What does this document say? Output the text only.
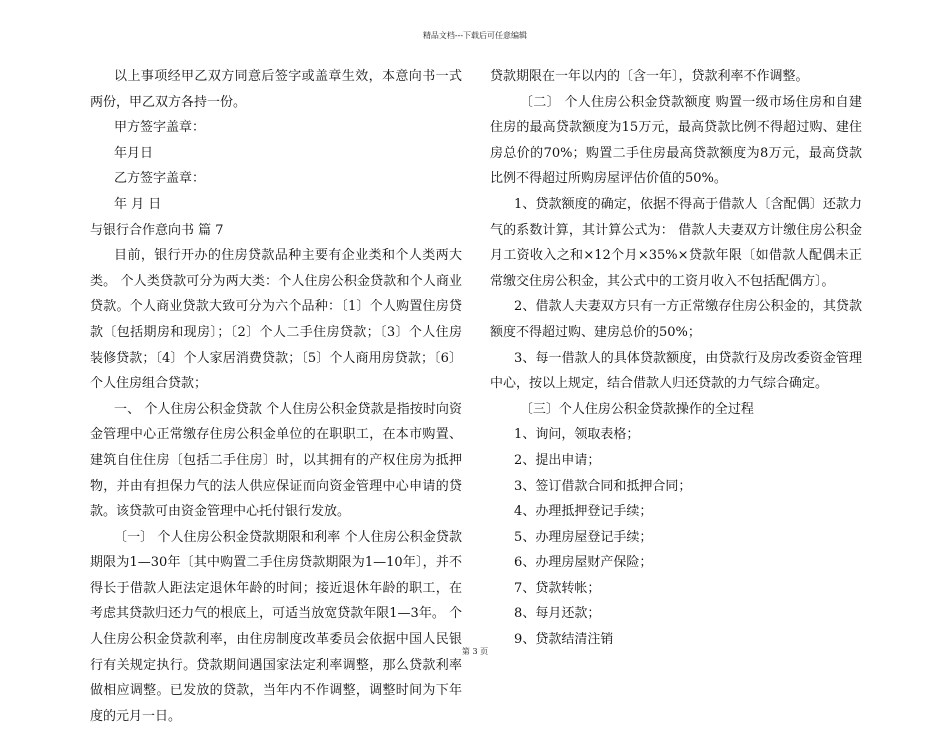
精品文档---下载后可任意编辑

以上事项经甲乙双方同意后签字或盖章生效，本意向书一式两份，甲乙双方各持一份。

甲方签字盖章：

年月日

乙方签字盖章：

年 月 日

与银行合作意向书 篇 7

目前，银行开办的住房贷款品种主要有企业类和个人类两大类。 个人类贷款可分为两大类：个人住房公积金贷款和个人商业贷款。个人商业贷款大致可分为六个品种：〔1〕个人购置住房贷款〔包括期房和现房〕；〔2〕个人二手住房贷款；〔3〕个人住房装修贷款；〔4〕个人家居消费贷款；〔5〕个人商用房贷款；〔6〕个人住房组合贷款；

一、 个人住房公积金贷款 个人住房公积金贷款是指按时向资金管理中心正常缴存住房公积金单位的在职职工，在本市购置、建筑自住住房〔包括二手住房〕时，以其拥有的产权住房为抵押物，并由有担保力气的法人供应保证而向资金管理中心申请的贷款。该贷款可由资金管理中心托付银行发放。

〔一〕 个人住房公积金贷款期限和利率 个人住房公积金贷款期限为1—30年〔其中购置二手住房贷款期限为1—10年〕，并不得长于借款人距法定退休年龄的时间；接近退休年龄的职工，在考虑其贷款归还力气的根底上，可适当放宽贷款年限1—3年。 个人住房公积金贷款利率，由住房制度改革委员会依据中国人民银行有关规定执行。贷款期间遇国家法定利率调整，那么贷款利率做相应调整。已发放的贷款，当年内不作调整，调整时间为下年度的元月一日。

贷款期限在一年以内的〔含一年〕，贷款利率不作调整。

〔二〕 个人住房公积金贷款额度 购置一级市场住房和自建住房的最高贷款额度为15万元，最高贷款比例不得超过购、建住房总价的70%；购置二手住房最高贷款额度为8万元，最高贷款比例不得超过所购房屋评估价值的50%。

1、贷款额度的确定，依据不得高于借款人〔含配偶〕还款力气的系数计算，其计算公式为： 借款人夫妻双方计缴住房公积金月工资收入之和×12个月×35%×贷款年限〔如借款人配偶未正常缴交住房公积金，其公式中的工资月收入不包括配偶方〕。

2、借款人夫妻双方只有一方正常缴存住房公积金的，其贷款额度不得超过购、建房总价的50%；

3、每一借款人的具体贷款额度，由贷款行及房改委资金管理中心，按以上规定，结合借款人归还贷款的力气综合确定。

〔三〕个人住房公积金贷款操作的全过程

1、询问，领取表格；

2、提出申请；

3、签订借款合同和抵押合同；

4、办理抵押登记手续；

5、办理房屋登记手续；

6、办理房屋财产保险；

7、贷款转帐；

8、每月还款；

9、贷款结清注销

第 3 页
